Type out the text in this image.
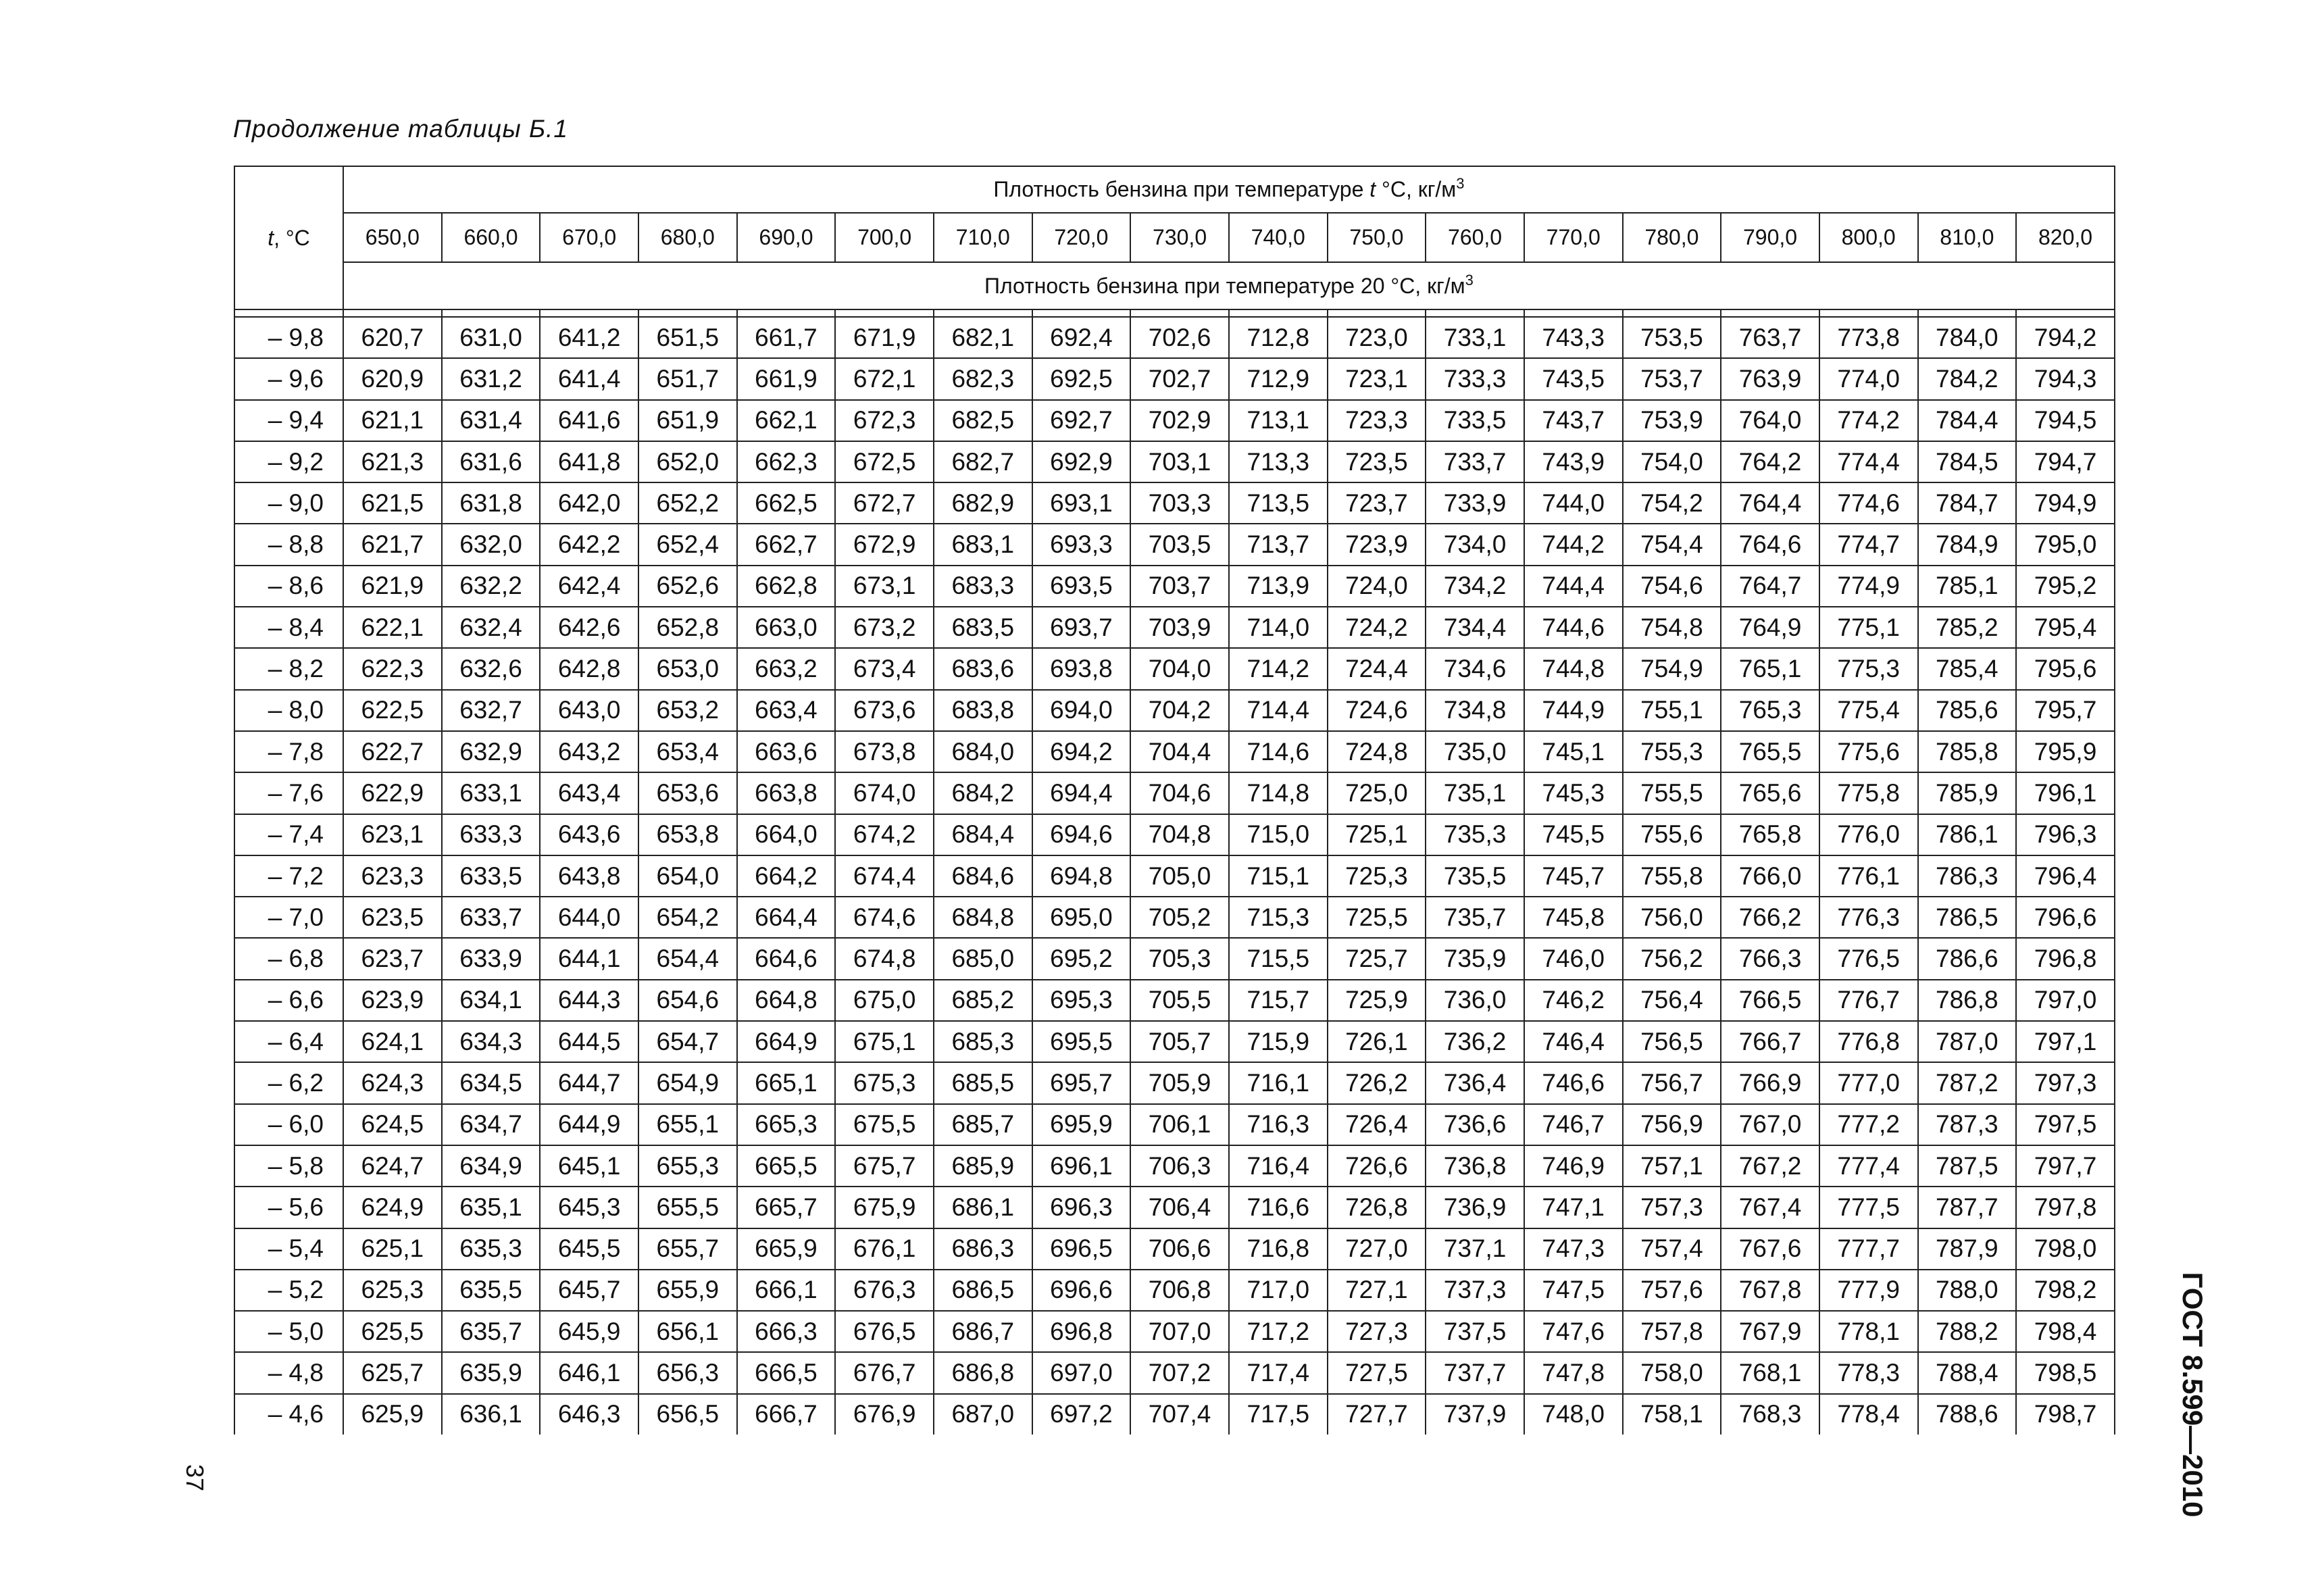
Продолжение таблицы Б.1
t, °С	Плотность бензина при температуре t °С, $кг/м^3$
	650,0	660,0	670,0	680,0	690,0	700,0	710,0	720,0	730,0	740,0	750,0	760,0	770,0	780,0	790,0	800,0	810,0	820,0
	Плотность бензина при температуре 20 °С, $кг/м^3$

– 9,8	620,7	631,0	641,2	651,5	661,7	671,9	682,1	692,4	702,6	712,8	723,0	733,1	743,3	753,5	763,7	773,8	784,0	794,2
– 9,6	620,9	631,2	641,4	651,7	661,9	672,1	682,3	692,5	702,7	712,9	723,1	733,3	743,5	753,7	763,9	774,0	784,2	794,3
– 9,4	621,1	631,4	641,6	651,9	662,1	672,3	682,5	692,7	702,9	713,1	723,3	733,5	743,7	753,9	764,0	774,2	784,4	794,5
– 9,2	621,3	631,6	641,8	652,0	662,3	672,5	682,7	692,9	703,1	713,3	723,5	733,7	743,9	754,0	764,2	774,4	784,5	794,7
– 9,0	621,5	631,8	642,0	652,2	662,5	672,7	682,9	693,1	703,3	713,5	723,7	733,9	744,0	754,2	764,4	774,6	784,7	794,9
– 8,8	621,7	632,0	642,2	652,4	662,7	672,9	683,1	693,3	703,5	713,7	723,9	734,0	744,2	754,4	764,6	774,7	784,9	795,0
– 8,6	621,9	632,2	642,4	652,6	662,8	673,1	683,3	693,5	703,7	713,9	724,0	734,2	744,4	754,6	764,7	774,9	785,1	795,2
– 8,4	622,1	632,4	642,6	652,8	663,0	673,2	683,5	693,7	703,9	714,0	724,2	734,4	744,6	754,8	764,9	775,1	785,2	795,4
– 8,2	622,3	632,6	642,8	653,0	663,2	673,4	683,6	693,8	704,0	714,2	724,4	734,6	744,8	754,9	765,1	775,3	785,4	795,6
– 8,0	622,5	632,7	643,0	653,2	663,4	673,6	683,8	694,0	704,2	714,4	724,6	734,8	744,9	755,1	765,3	775,4	785,6	795,7
– 7,8	622,7	632,9	643,2	653,4	663,6	673,8	684,0	694,2	704,4	714,6	724,8	735,0	745,1	755,3	765,5	775,6	785,8	795,9
– 7,6	622,9	633,1	643,4	653,6	663,8	674,0	684,2	694,4	704,6	714,8	725,0	735,1	745,3	755,5	765,6	775,8	785,9	796,1
– 7,4	623,1	633,3	643,6	653,8	664,0	674,2	684,4	694,6	704,8	715,0	725,1	735,3	745,5	755,6	765,8	776,0	786,1	796,3
– 7,2	623,3	633,5	643,8	654,0	664,2	674,4	684,6	694,8	705,0	715,1	725,3	735,5	745,7	755,8	766,0	776,1	786,3	796,4
– 7,0	623,5	633,7	644,0	654,2	664,4	674,6	684,8	695,0	705,2	715,3	725,5	735,7	745,8	756,0	766,2	776,3	786,5	796,6
– 6,8	623,7	633,9	644,1	654,4	664,6	674,8	685,0	695,2	705,3	715,5	725,7	735,9	746,0	756,2	766,3	776,5	786,6	796,8
– 6,6	623,9	634,1	644,3	654,6	664,8	675,0	685,2	695,3	705,5	715,7	725,9	736,0	746,2	756,4	766,5	776,7	786,8	797,0
– 6,4	624,1	634,3	644,5	654,7	664,9	675,1	685,3	695,5	705,7	715,9	726,1	736,2	746,4	756,5	766,7	776,8	787,0	797,1
– 6,2	624,3	634,5	644,7	654,9	665,1	675,3	685,5	695,7	705,9	716,1	726,2	736,4	746,6	756,7	766,9	777,0	787,2	797,3
– 6,0	624,5	634,7	644,9	655,1	665,3	675,5	685,7	695,9	706,1	716,3	726,4	736,6	746,7	756,9	767,0	777,2	787,3	797,5
– 5,8	624,7	634,9	645,1	655,3	665,5	675,7	685,9	696,1	706,3	716,4	726,6	736,8	746,9	757,1	767,2	777,4	787,5	797,7
– 5,6	624,9	635,1	645,3	655,5	665,7	675,9	686,1	696,3	706,4	716,6	726,8	736,9	747,1	757,3	767,4	777,5	787,7	797,8
– 5,4	625,1	635,3	645,5	655,7	665,9	676,1	686,3	696,5	706,6	716,8	727,0	737,1	747,3	757,4	767,6	777,7	787,9	798,0
– 5,2	625,3	635,5	645,7	655,9	666,1	676,3	686,5	696,6	706,8	717,0	727,1	737,3	747,5	757,6	767,8	777,9	788,0	798,2
– 5,0	625,5	635,7	645,9	656,1	666,3	676,5	686,7	696,8	707,0	717,2	727,3	737,5	747,6	757,8	767,9	778,1	788,2	798,4
– 4,8	625,7	635,9	646,1	656,3	666,5	676,7	686,8	697,0	707,2	717,4	727,5	737,7	747,8	758,0	768,1	778,3	788,4	798,5
– 4,6	625,9	636,1	646,3	656,5	666,7	676,9	687,0	697,2	707,4	717,5	727,7	737,9	748,0	758,1	768,3	778,4	788,6	798,7
37	ГОСТ 8.599—2010
